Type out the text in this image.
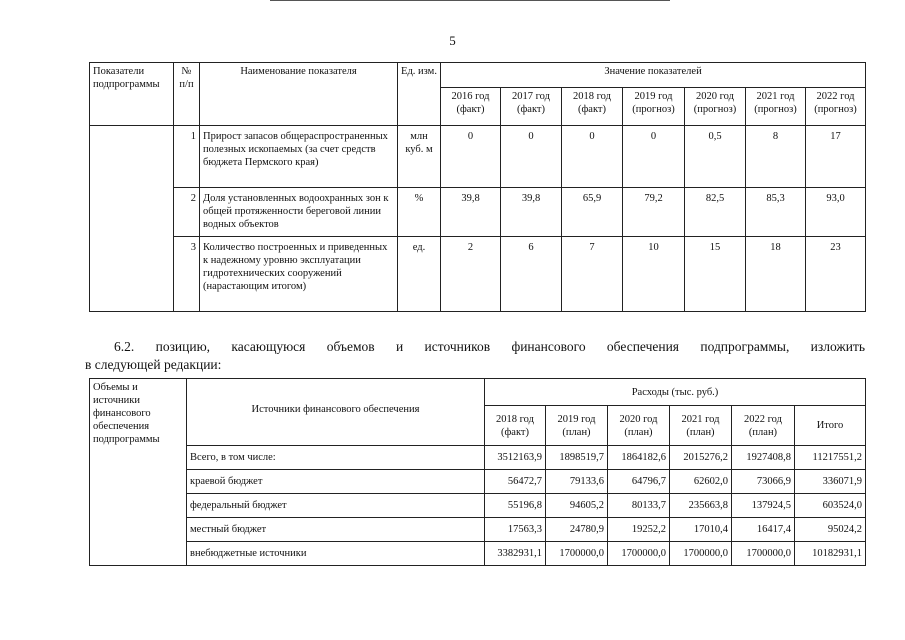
5
Показатели подпрограммы	№ п/п	Наименование показателя	Ед. изм.	Значение показателей						
				2016 год (факт)	2017 год (факт)	2018 год (факт)	2019 год (прогноз)	2020 год (прогноз)	2021 год (прогноз)	2022 год (прогноз)
	1	Прирост запасов общераспространенных полезных ископаемых (за счет средств бюджета Пермского края)	млн куб. м	0	0	0	0	0,5	8	17
	2	Доля установленных водоохранных зон к общей протяженности береговой линии водных объектов	%	39,8	39,8	65,9	79,2	82,5	85,3	93,0
	3	Количество построенных и приведенных к надежному уровню эксплуатации гидротехнических сооружений (нарастающим итогом)	ед.	2	6	7	10	15	18	23
6.2. позицию, касающуюся объемов и источников финансового обеспечения подпрограммы, изложить
в следующей редакции:
Объемы и источники финансового обеспечения подпрограммы	Источники финансового обеспечения	Расходы (тыс. руб.)					
		2018 год (факт)	2019 год (план)	2020 год (план)	2021 год (план)	2022 год (план)	Итого
	Всего, в том числе:	3512163,9	1898519,7	1864182,6	2015276,2	1927408,8	11217551,2
	краевой бюджет	56472,7	79133,6	64796,7	62602,0	73066,9	336071,9
	федеральный бюджет	55196,8	94605,2	80133,7	235663,8	137924,5	603524,0
	местный бюджет	17563,3	24780,9	19252,2	17010,4	16417,4	95024,2
	внебюджетные источники	3382931,1	1700000,0	1700000,0	1700000,0	1700000,0	10182931,1
